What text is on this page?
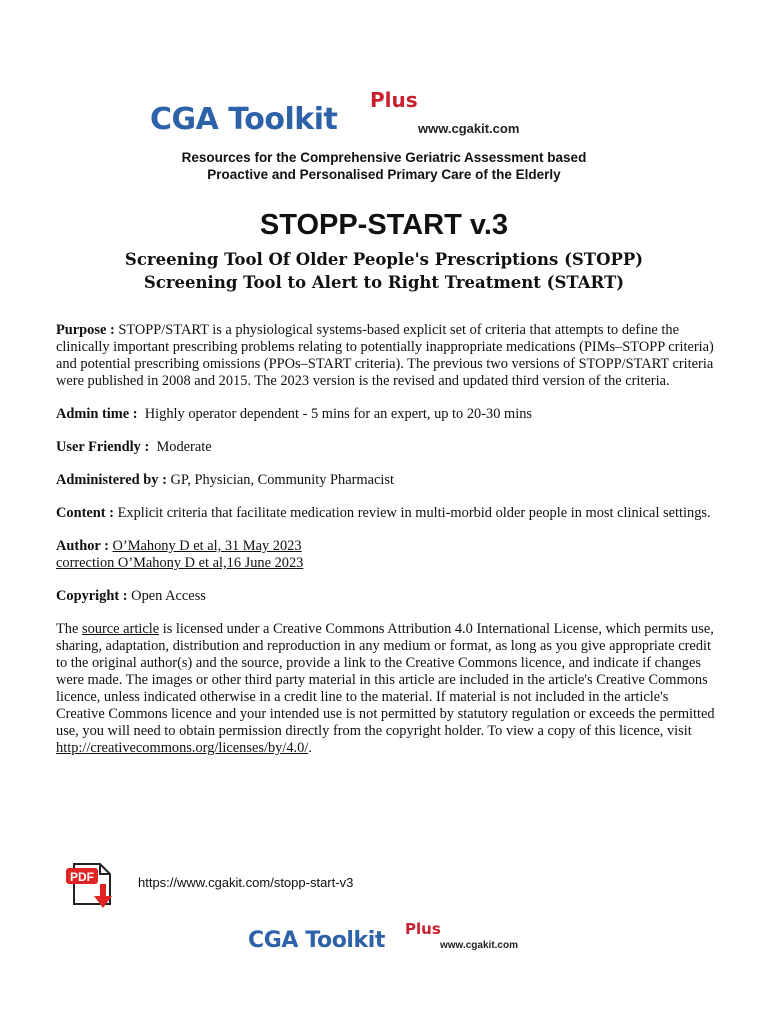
CGA Toolkit
Plus
www.cgakit.com
Resources for the Comprehensive Geriatric Assessment based
Proactive and Personalised Primary Care of the Elderly
STOPP-START v.3
Screening Tool Of Older People's Prescriptions (STOPP)
Screening Tool to Alert to Right Treatment (START)

Purpose : STOPP/START is a physiological systems-based explicit set of criteria that attempts to define the clinically important prescribing problems relating to potentially inappropriate medications (PIMs–STOPP criteria) and potential prescribing omissions (PPOs–START criteria). The previous two versions of STOPP/START criteria were published in 2008 and 2015. The 2023 version is the revised and updated third version of the criteria.

Admin time : Highly operator dependent - 5 mins for an expert, up to 20-30 mins

User Friendly : Moderate

Administered by : GP, Physician, Community Pharmacist

Content : Explicit criteria that facilitate medication review in multi-morbid older people in most clinical settings.

Author : O’Mahony D et al, 31 May 2023
correction O’Mahony D et al,16 June 2023

Copyright : Open Access

The source article is licensed under a Creative Commons Attribution 4.0 International License, which permits use, sharing, adaptation, distribution and reproduction in any medium or format, as long as you give appropriate credit to the original author(s) and the source, provide a link to the Creative Commons licence, and indicate if changes were made. The images or other third party material in this article are included in the article's Creative Commons licence, unless indicated otherwise in a credit line to the material. If material is not included in the article's Creative Commons licence and your intended use is not permitted by statutory regulation or exceeds the permitted use, you will need to obtain permission directly from the copyright holder. To view a copy of this licence, visit
http://creativecommons.org/licenses/by/4.0/.

PDF	https://www.cgakit.com/stopp-start-v3
CGA Toolkit Plus
www.cgakit.com
